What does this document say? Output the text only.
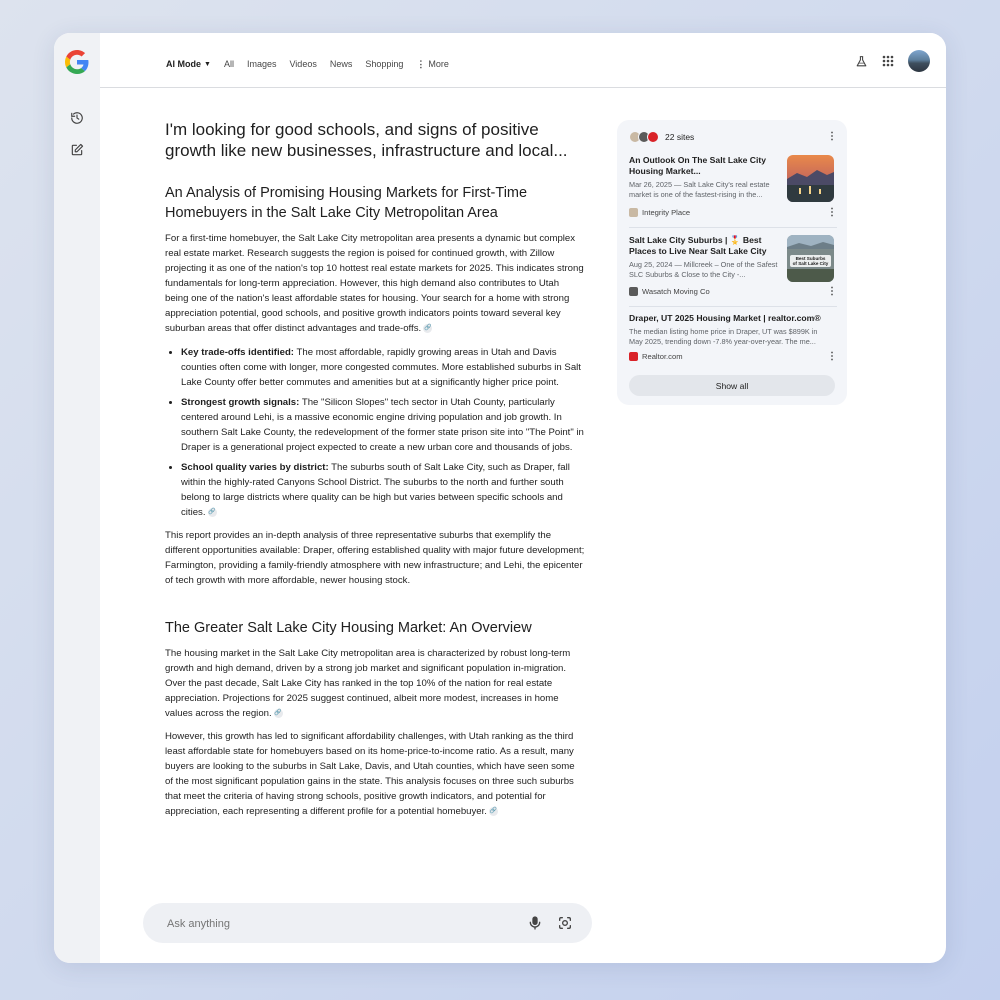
AI Mode ▼ All Images Videos News Shopping ⋮ More

I'm looking for good schools, and signs of positive growth like new businesses, infrastructure and local...

An Analysis of Promising Housing Markets for First-Time Homebuyers in the Salt Lake City Metropolitan Area

For a first-time homebuyer, the Salt Lake City metropolitan area presents a dynamic but complex real estate market. Research suggests the region is poised for continued growth, with Zillow projecting it as one of the nation's top 10 hottest real estate markets for 2025. This indicates strong fundamentals for long-term appreciation. However, this high demand also contributes to Utah being one of the nation's least affordable states for housing. Your search for a home with strong appreciation potential, good schools, and positive growth indicators points toward several key suburban areas that offer distinct advantages and trade-offs. 🔗

• Key trade-offs identified: The most affordable, rapidly growing areas in Utah and Davis counties often come with longer, more congested commutes. More established suburbs in Salt Lake County offer better commutes and amenities but at a significantly higher price point.
• Strongest growth signals: The "Silicon Slopes" tech sector in Utah County, particularly centered around Lehi, is a massive economic engine driving population and job growth. In southern Salt Lake County, the redevelopment of the former state prison site into "The Point" in Draper is a generational project expected to create a new urban core and thousands of jobs.
• School quality varies by district: The suburbs south of Salt Lake City, such as Draper, fall within the highly-rated Canyons School District. The suburbs to the north and further south belong to large districts where quality can be high but varies between specific schools and cities. 🔗

This report provides an in-depth analysis of three representative suburbs that exemplify the different opportunities available: Draper, offering established quality with major future development; Farmington, providing a family-friendly atmosphere with new infrastructure; and Lehi, the epicenter of tech growth with more affordable, newer housing stock.

The Greater Salt Lake City Housing Market: An Overview

The housing market in the Salt Lake City metropolitan area is characterized by robust long-term growth and high demand, driven by a strong job market and significant population in-migration. Over the past decade, Salt Lake City has ranked in the top 10% of the nation for real estate appreciation. Projections for 2025 suggest continued, albeit more modest, increases in home values across the region. 🔗

However, this growth has led to significant affordability challenges, with Utah ranking as the third least affordable state for homebuyers based on its home-price-to-income ratio. As a result, many buyers are looking to the suburbs in Salt Lake, Davis, and Utah counties, which have seen some of the most significant population gains in the state. This analysis focuses on three such suburbs that meet the criteria of having strong schools, positive growth indicators, and potential for appreciation, each representing a different profile for a potential homebuyer. 🔗

Ask anything
22 sites	⋮
An Outlook On The Salt Lake City Housing Market...
Mar 26, 2025 — Salt Lake City's real estate market is one of the fastest-rising in the...
Integrity Place	⋮
Salt Lake City Suburbs | 🎖️ Best Places to Live Near Salt Lake City
Aug 25, 2024 — Millcreek – One of the Safest SLC Suburbs & Close to the City -...
Best Suburbs
of Salt Lake City
Wasatch Moving Co	⋮
Draper, UT 2025 Housing Market | realtor.com®
The median listing home price in Draper, UT was $899K in May 2025, trending down -7.8% year-over-year. The me...
Realtor.com	⋮
Show all
